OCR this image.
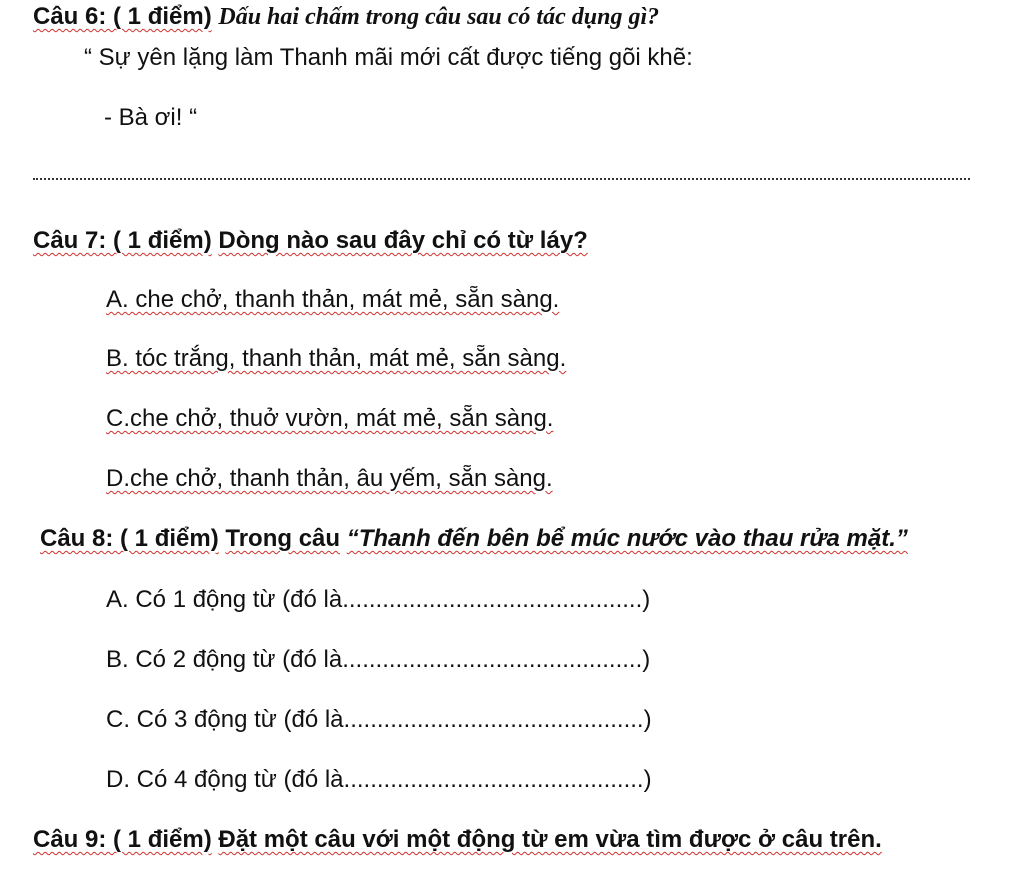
Câu 6: ( 1 điểm) Dấu hai chấm trong câu sau có tác dụng gì?
“ Sự yên lặng làm Thanh mãi mới cất được tiếng gõi khẽ:
- Bà ơi! “
Câu 7: ( 1 điểm) Dòng nào sau đây chỉ có từ láy?
A. che chở, thanh thản, mát mẻ, sẵn sàng.
B. tóc trắng, thanh thản, mát mẻ, sẵn sàng.
C.che chở, thuở vườn, mát mẻ, sẵn sàng.
D.che chở, thanh thản, âu yếm, sẵn sàng.
Câu 8: ( 1 điểm) Trong câu “Thanh đến bên bể múc nước vào thau rửa mặt.”
A. Có 1 động từ (đó là.............................................)
B. Có 2 động từ (đó là.............................................)
C. Có 3 động từ (đó là.............................................)
D. Có 4 động từ (đó là.............................................)
Câu 9: ( 1 điểm) Đặt một câu với một động từ em vừa tìm được ở câu trên.
